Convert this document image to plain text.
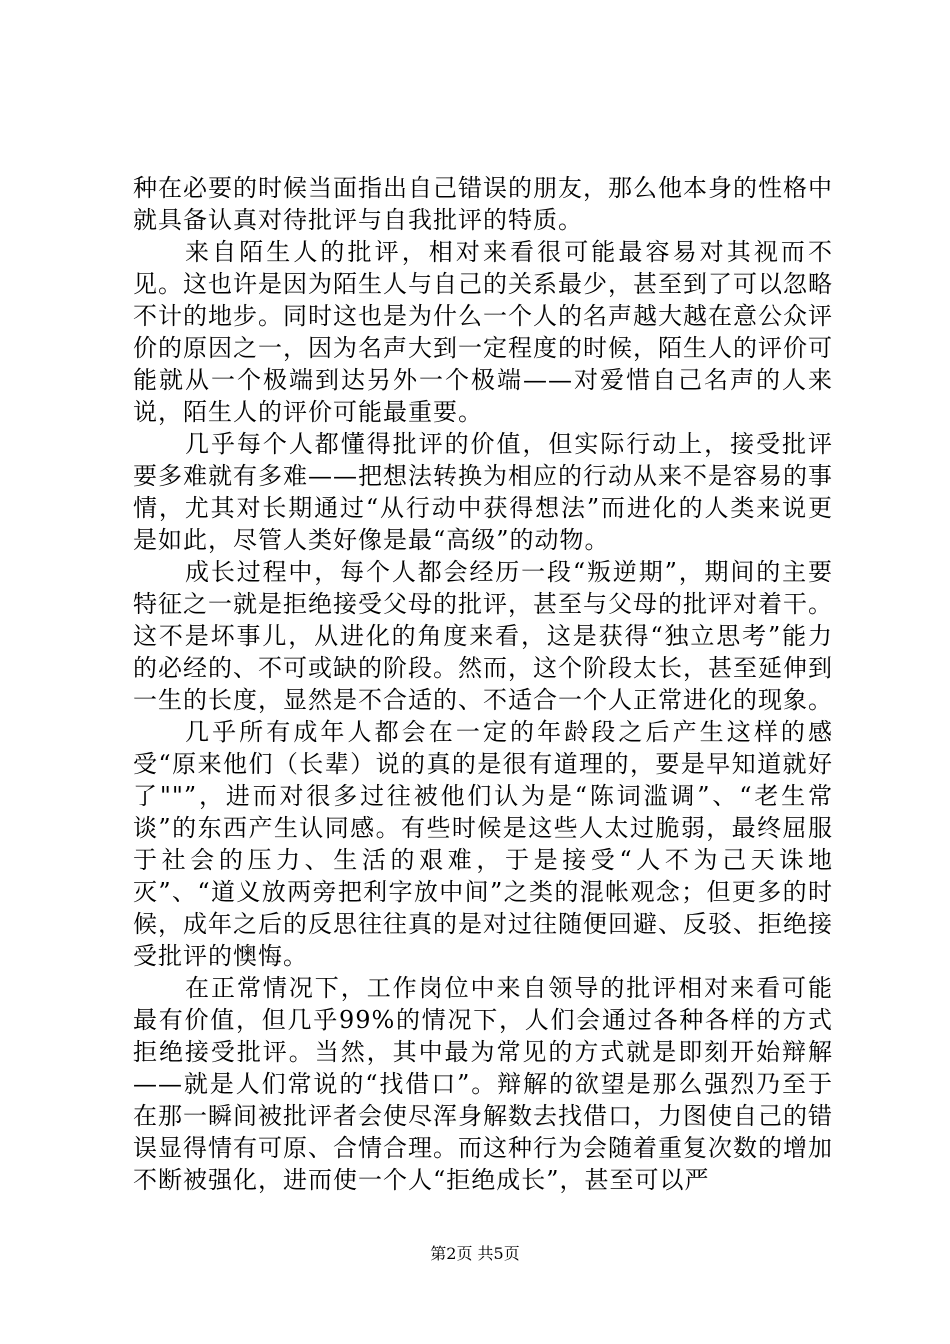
种在必要的时候当面指出自己错误的朋友，那么他本身的性格中就具备认真对待批评与自我批评的特质。

来自陌生人的批评，相对来看很可能最容易对其视而不见。这也许是因为陌生人与自己的关系最少，甚至到了可以忽略不计的地步。同时这也是为什么一个人的名声越大越在意公众评价的原因之一，因为名声大到一定程度的时候，陌生人的评价可能就从一个极端到达另外一个极端——对爱惜自己名声的人来说，陌生人的评价可能最重要。

几乎每个人都懂得批评的价值，但实际行动上，接受批评要多难就有多难——把想法转换为相应的行动从来不是容易的事情，尤其对长期通过“从行动中获得想法”而进化的人类来说更是如此，尽管人类好像是最“高级”的动物。

成长过程中，每个人都会经历一段“叛逆期”，期间的主要特征之一就是拒绝接受父母的批评，甚至与父母的批评对着干。这不是坏事儿，从进化的角度来看，这是获得“独立思考”能力的必经的、不可或缺的阶段。然而，这个阶段太长，甚至延伸到一生的长度，显然是不合适的、不适合一个人正常进化的现象。

几乎所有成年人都会在一定的年龄段之后产生这样的感受“原来他们（长辈）说的真的是很有道理的，要是早知道就好了""”，进而对很多过往被他们认为是“陈词滥调”、“老生常谈”的东西产生认同感。有些时候是这些人太过脆弱，最终屈服于社会的压力、生活的艰难，于是接受“人不为己天诛地灭”、“道义放两旁把利字放中间”之类的混帐观念；但更多的时候，成年之后的反思往往真的是对过往随便回避、反驳、拒绝接受批评的懊悔。

在正常情况下，工作岗位中来自领导的批评相对来看可能最有价值，但几乎99%的情况下，人们会通过各种各样的方式拒绝接受批评。当然，其中最为常见的方式就是即刻开始辩解——就是人们常说的“找借口”。辩解的欲望是那么强烈乃至于在那一瞬间被批评者会使尽浑身解数去找借口，力图使自己的错误显得情有可原、合情合理。而这种行为会随着重复次数的增加不断被强化，进而使一个人“拒绝成长”，甚至可以严

第2页 共5页
